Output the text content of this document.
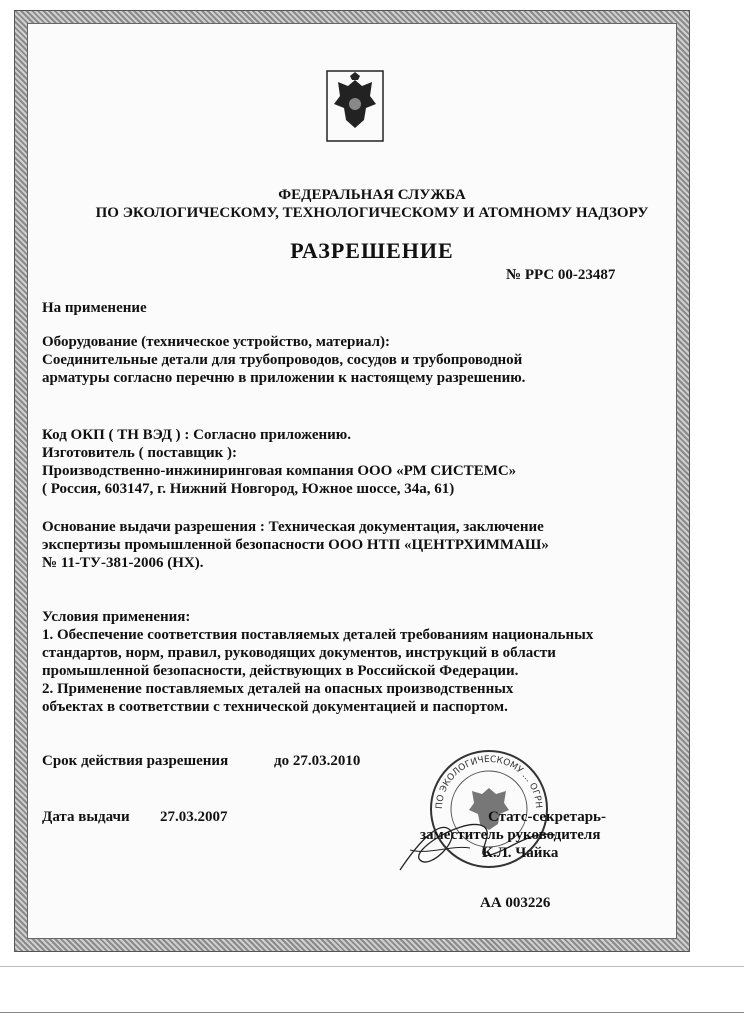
ФЕДЕРАЛЬНАЯ СЛУЖБА
ПО ЭКОЛОГИЧЕСКОМУ, ТЕХНОЛОГИЧЕСКОМУ И АТОМНОМУ НАДЗОРУ
РАЗРЕШЕНИЕ
№ РРС 00-23487
На применение
Оборудование (техническое устройство, материал):
Соединительные детали для трубопроводов, сосудов и трубопроводной
арматуры согласно перечню в приложении к настоящему разрешению.
Код ОКП ( ТН ВЭД ) : Согласно приложению.
Изготовитель ( поставщик ):
Производственно-инжиниринговая компания ООО «РМ СИСТЕМС»
( Россия, 603147, г. Нижний Новгород, Южное шоссе, 34а, 61)
Основание выдачи разрешения : Техническая документация, заключение
экспертизы промышленной безопасности ООО НТП «ЦЕНТРХИММАШ»
№ 11-ТУ-381-2006 (НХ).
Условия применения:
1. Обеспечение соответствия поставляемых деталей требованиям национальных
стандартов, норм, правил, руководящих документов, инструкций в области
промышленной безопасности, действующих в Российской Федерации.
2. Применение поставляемых деталей на опасных производственных
объектах в соответствии с технической документацией и паспортом.
Срок действия разрешения	до 27.03.2010
Дата выдачи 27.03.2007
ПО ЭКОЛОГИЧЕСКОМУ ... ОГРН
Статс-секретарь-
заместитель руководителя
К.Л. Чайка
АА 003226
